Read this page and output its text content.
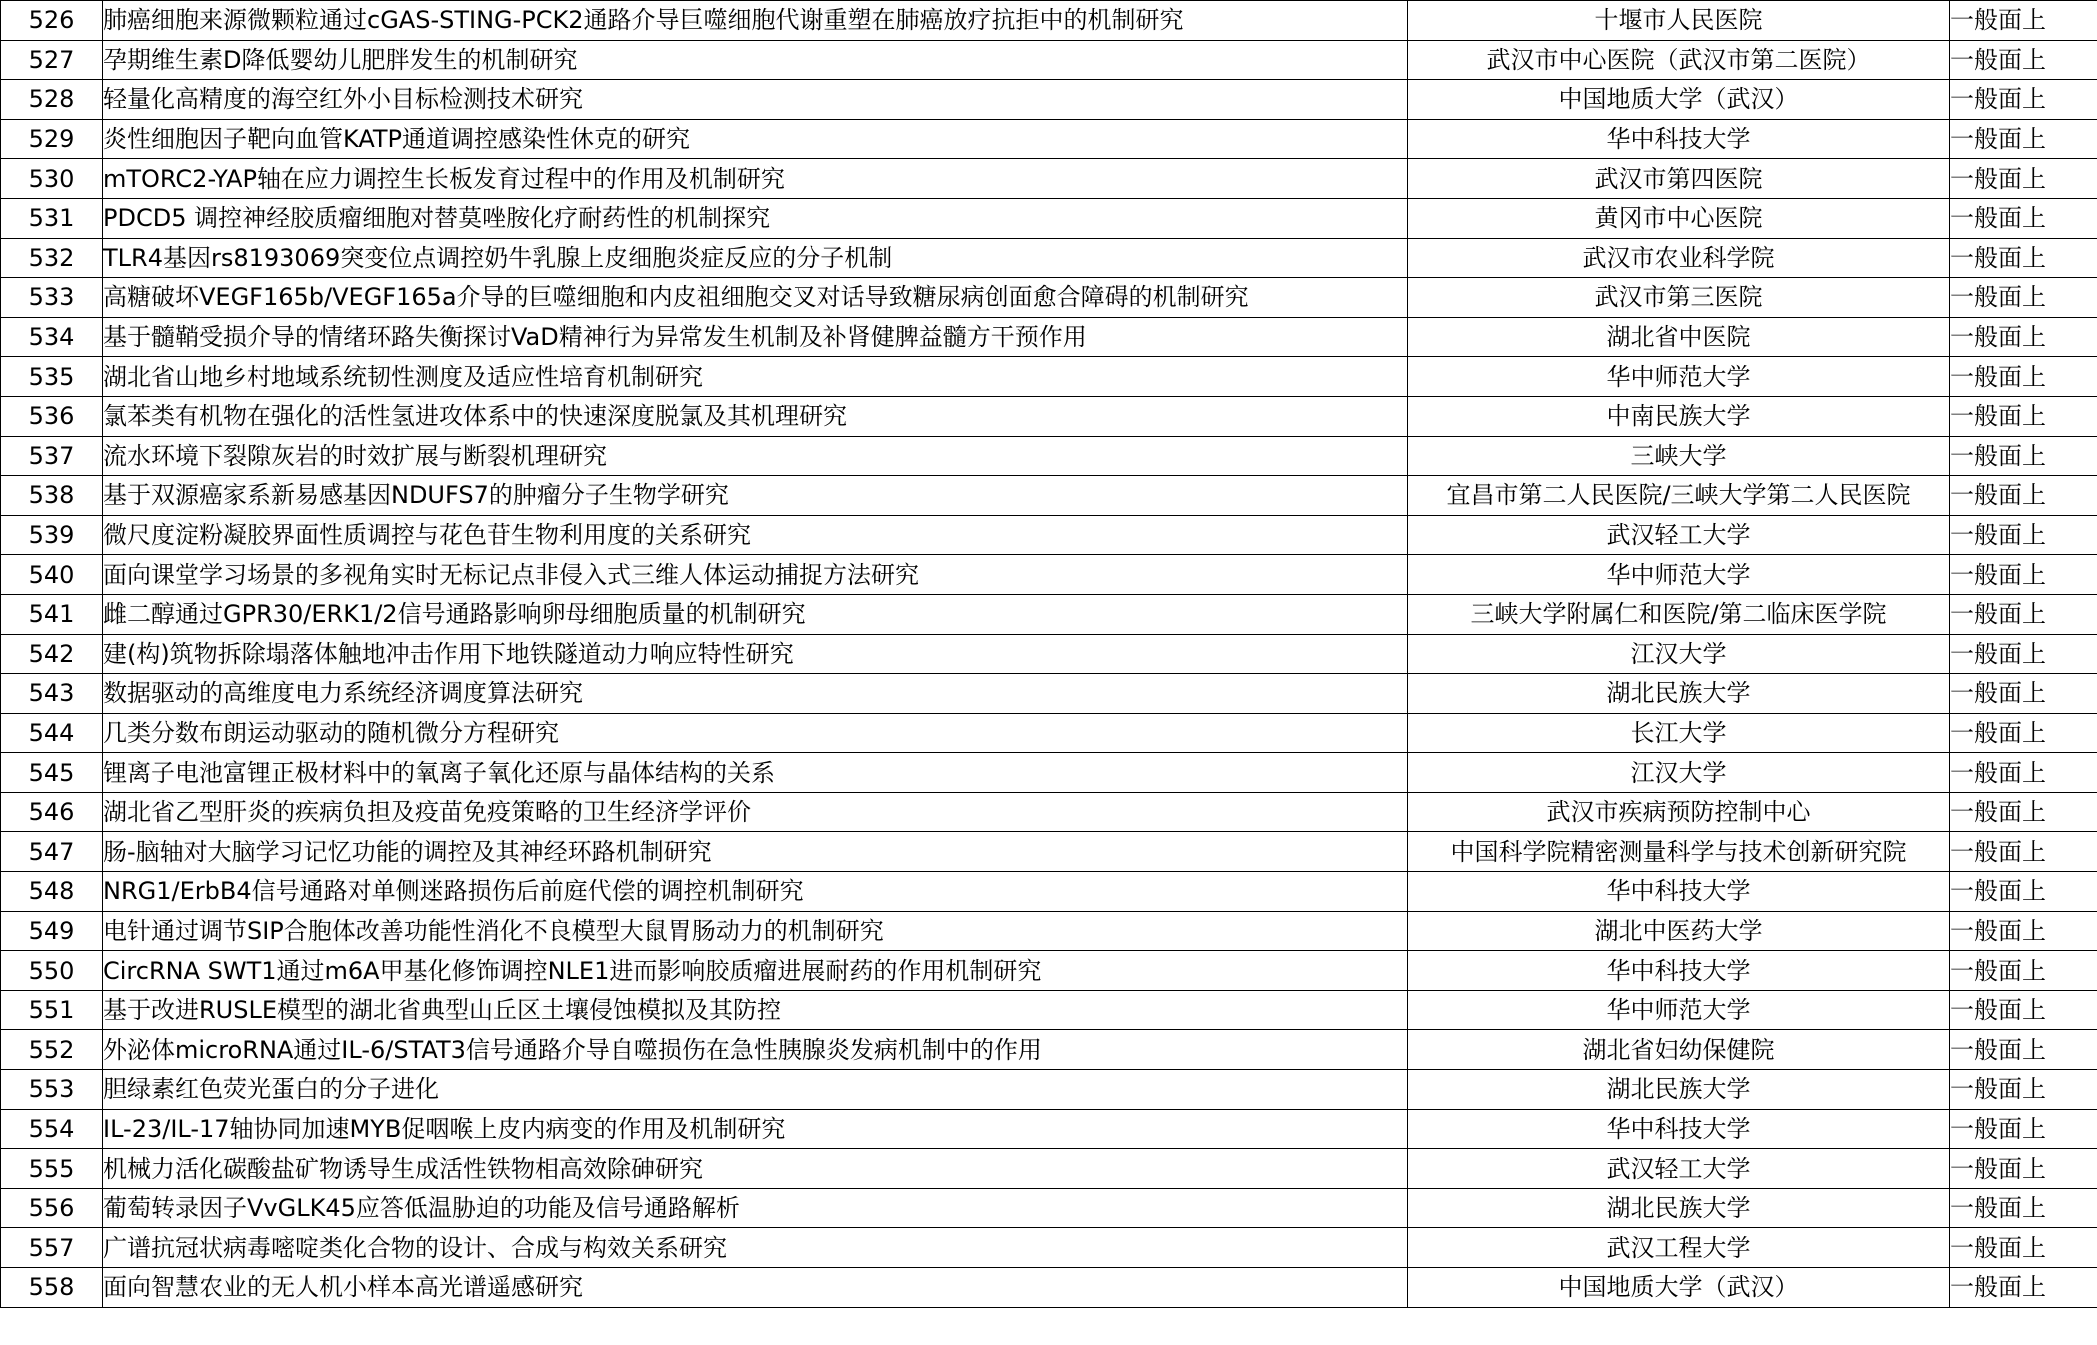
526	肺癌细胞来源微颗粒通过cGAS-STING-PCK2通路介导巨噬细胞代谢重塑在肺癌放疗抗拒中的机制研究	十堰市人民医院	一般面上
527	孕期维生素D降低婴幼儿肥胖发生的机制研究	武汉市中心医院（武汉市第二医院）	一般面上
528	轻量化高精度的海空红外小目标检测技术研究	中国地质大学（武汉）	一般面上
529	炎性细胞因子靶向血管KATP通道调控感染性休克的研究	华中科技大学	一般面上
530	mTORC2-YAP轴在应力调控生长板发育过程中的作用及机制研究	武汉市第四医院	一般面上
531	PDCD5 调控神经胶质瘤细胞对替莫唑胺化疗耐药性的机制探究	黄冈市中心医院	一般面上
532	TLR4基因rs8193069突变位点调控奶牛乳腺上皮细胞炎症反应的分子机制	武汉市农业科学院	一般面上
533	高糖破坏VEGF165b/VEGF165a介导的巨噬细胞和内皮祖细胞交叉对话导致糖尿病创面愈合障碍的机制研究	武汉市第三医院	一般面上
534	基于髓鞘受损介导的情绪环路失衡探讨VaD精神行为异常发生机制及补肾健脾益髓方干预作用	湖北省中医院	一般面上
535	湖北省山地乡村地域系统韧性测度及适应性培育机制研究	华中师范大学	一般面上
536	氯苯类有机物在强化的活性氢进攻体系中的快速深度脱氯及其机理研究	中南民族大学	一般面上
537	流水环境下裂隙灰岩的时效扩展与断裂机理研究	三峡大学	一般面上
538	基于双源癌家系新易感基因NDUFS7的肿瘤分子生物学研究	宜昌市第二人民医院/三峡大学第二人民医院	一般面上
539	微尺度淀粉凝胶界面性质调控与花色苷生物利用度的关系研究	武汉轻工大学	一般面上
540	面向课堂学习场景的多视角实时无标记点非侵入式三维人体运动捕捉方法研究	华中师范大学	一般面上
541	雌二醇通过GPR30/ERK1/2信号通路影响卵母细胞质量的机制研究	三峡大学附属仁和医院/第二临床医学院	一般面上
542	建(构)筑物拆除塌落体触地冲击作用下地铁隧道动力响应特性研究	江汉大学	一般面上
543	数据驱动的高维度电力系统经济调度算法研究	湖北民族大学	一般面上
544	几类分数布朗运动驱动的随机微分方程研究	长江大学	一般面上
545	锂离子电池富锂正极材料中的氧离子氧化还原与晶体结构的关系	江汉大学	一般面上
546	湖北省乙型肝炎的疾病负担及疫苗免疫策略的卫生经济学评价	武汉市疾病预防控制中心	一般面上
547	肠-脑轴对大脑学习记忆功能的调控及其神经环路机制研究	中国科学院精密测量科学与技术创新研究院	一般面上
548	NRG1/ErbB4信号通路对单侧迷路损伤后前庭代偿的调控机制研究	华中科技大学	一般面上
549	电针通过调节SIP合胞体改善功能性消化不良模型大鼠胃肠动力的机制研究	湖北中医药大学	一般面上
550	CircRNA SWT1通过m6A甲基化修饰调控NLE1进而影响胶质瘤进展耐药的作用机制研究	华中科技大学	一般面上
551	基于改进RUSLE模型的湖北省典型山丘区土壤侵蚀模拟及其防控	华中师范大学	一般面上
552	外泌体microRNA通过IL-6/STAT3信号通路介导自噬损伤在急性胰腺炎发病机制中的作用	湖北省妇幼保健院	一般面上
553	胆绿素红色荧光蛋白的分子进化	湖北民族大学	一般面上
554	IL-23/IL-17轴协同加速MYB促咽喉上皮内病变的作用及机制研究	华中科技大学	一般面上
555	机械力活化碳酸盐矿物诱导生成活性铁物相高效除砷研究	武汉轻工大学	一般面上
556	葡萄转录因子VvGLK45应答低温胁迫的功能及信号通路解析	湖北民族大学	一般面上
557	广谱抗冠状病毒嘧啶类化合物的设计、合成与构效关系研究	武汉工程大学	一般面上
558	面向智慧农业的无人机小样本高光谱遥感研究	中国地质大学（武汉）	一般面上
